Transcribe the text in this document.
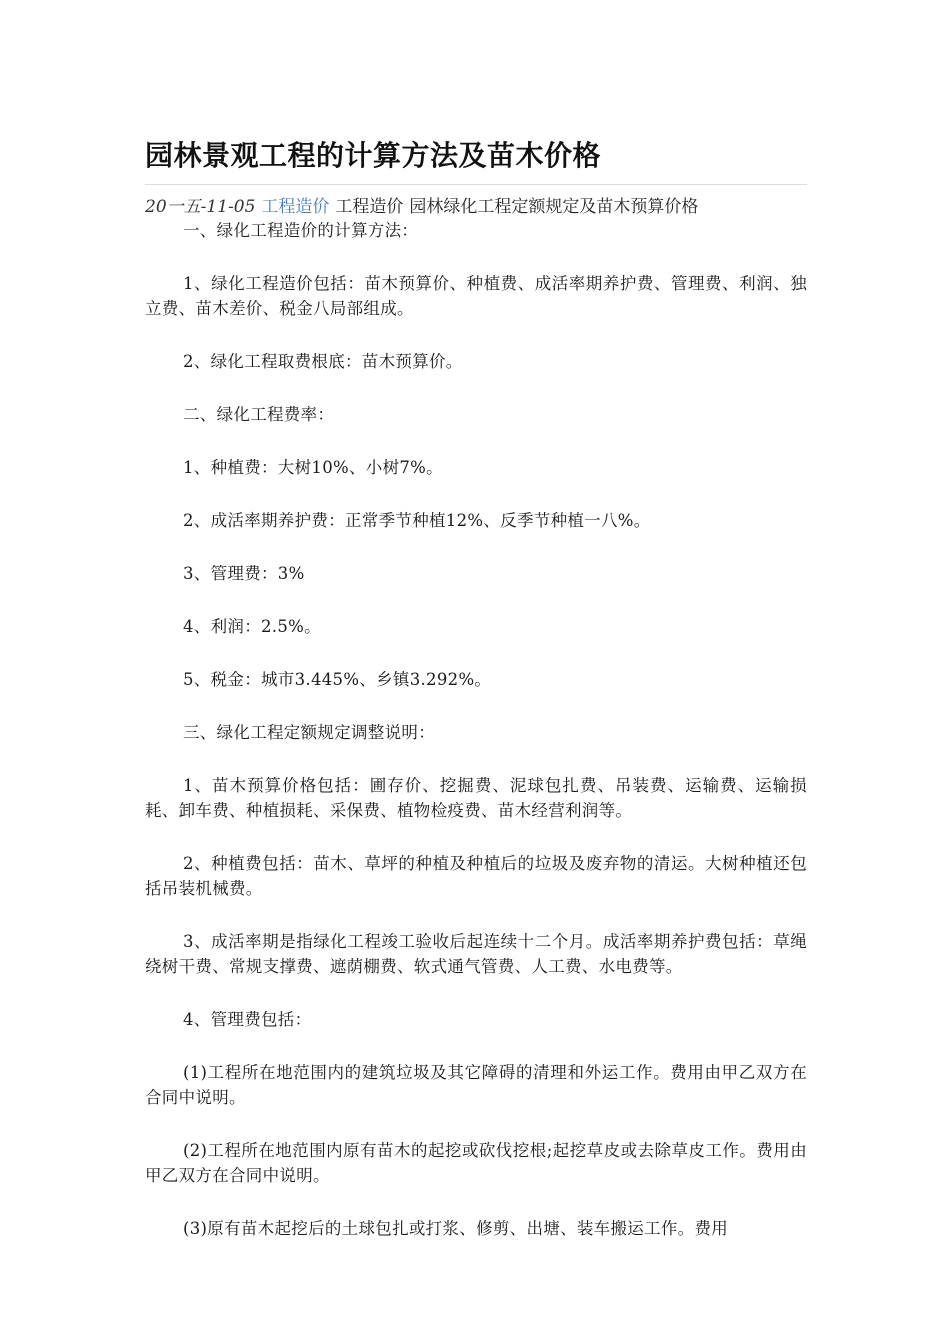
园林景观工程的计算方法及苗木价格
20一五-11-05 工程造价 工程造价 园林绿化工程定额规定及苗木预算价格

一、绿化工程造价的计算方法：

1、绿化工程造价包括：苗木预算价、种植费、成活率期养护费、管理费、利润、独立费、苗木差价、税金八局部组成。

2、绿化工程取费根底：苗木预算价。

二、绿化工程费率：

1、种植费：大树10%、小树7%。

2、成活率期养护费：正常季节种植12%、反季节种植一八%。

3、管理费：3%

4、利润：2.5%。

5、税金：城市3.445%、乡镇3.292%。

三、绿化工程定额规定调整说明：

1、苗木预算价格包括：圃存价、挖掘费、泥球包扎费、吊装费、运输费、运输损耗、卸车费、种植损耗、采保费、植物检疫费、苗木经营利润等。

2、种植费包括：苗木、草坪的种植及种植后的垃圾及废弃物的清运。大树种植还包括吊装机械费。

3、成活率期是指绿化工程竣工验收后起连续十二个月。成活率期养护费包括：草绳绕树干费、常规支撑费、遮荫棚费、软式通气管费、人工费、水电费等。

4、管理费包括：

(1)工程所在地范围内的建筑垃圾及其它障碍的清理和外运工作。费用由甲乙双方在合同中说明。

(2)工程所在地范围内原有苗木的起挖或砍伐挖根;起挖草皮或去除草皮工作。费用由甲乙双方在合同中说明。

(3)原有苗木起挖后的土球包扎或打浆、修剪、出塘、装车搬运工作。费用
